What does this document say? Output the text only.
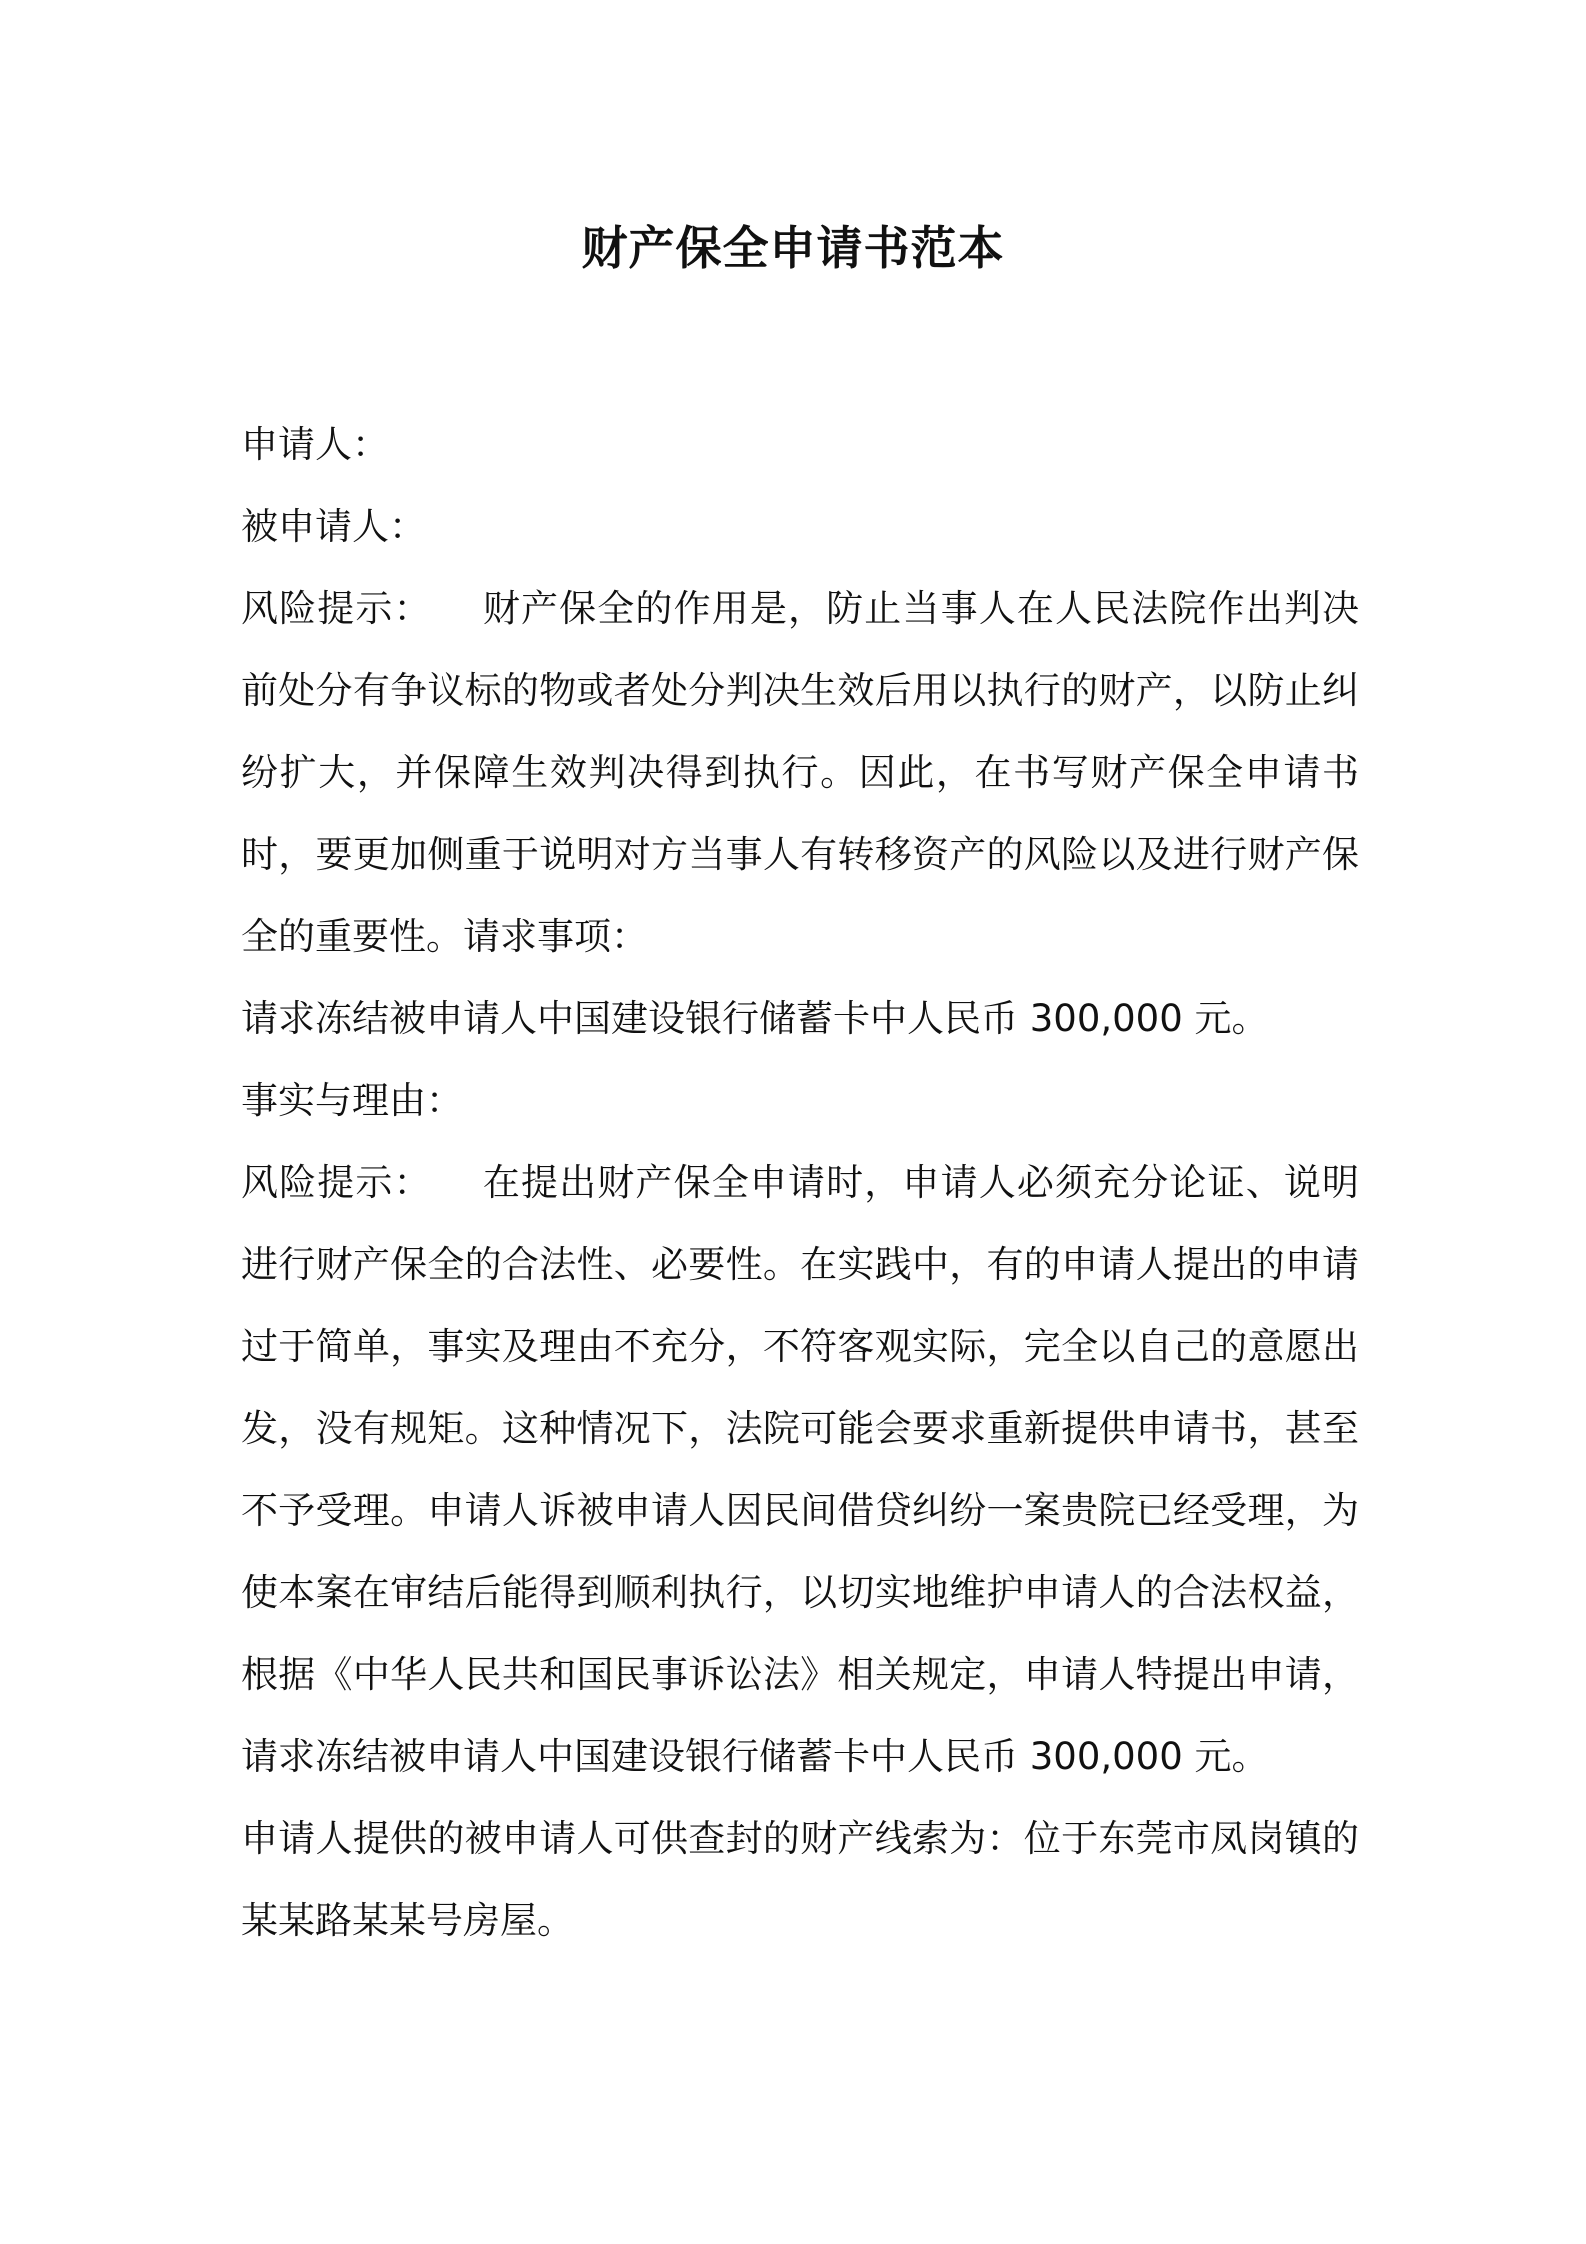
财产保全申请书范本

申请人：

被申请人：

风险提示： 财产保全的作用是，防止当事人在人民法院作出判决前处分有争议标的物或者处分判决生效后用以执行的财产，以防止纠纷扩大，并保障生效判决得到执行。因此，在书写财产保全申请书时，要更加侧重于说明对方当事人有转移资产的风险以及进行财产保全的重要性。请求事项：

请求冻结被申请人中国建设银行储蓄卡中人民币 300,000 元。

事实与理由：

风险提示： 在提出财产保全申请时，申请人必须充分论证、说明进行财产保全的合法性、必要性。在实践中，有的申请人提出的申请过于简单，事实及理由不充分，不符客观实际，完全以自己的意愿出发，没有规矩。这种情况下，法院可能会要求重新提供申请书，甚至不予受理。申请人诉被申请人因民间借贷纠纷一案贵院已经受理，为使本案在审结后能得到顺利执行，以切实地维护申请人的合法权益，根据《中华人民共和国民事诉讼法》相关规定，申请人特提出申请，请求冻结被申请人中国建设银行储蓄卡中人民币 300,000 元。

申请人提供的被申请人可供查封的财产线索为：位于东莞市凤岗镇的某某路某某号房屋。
